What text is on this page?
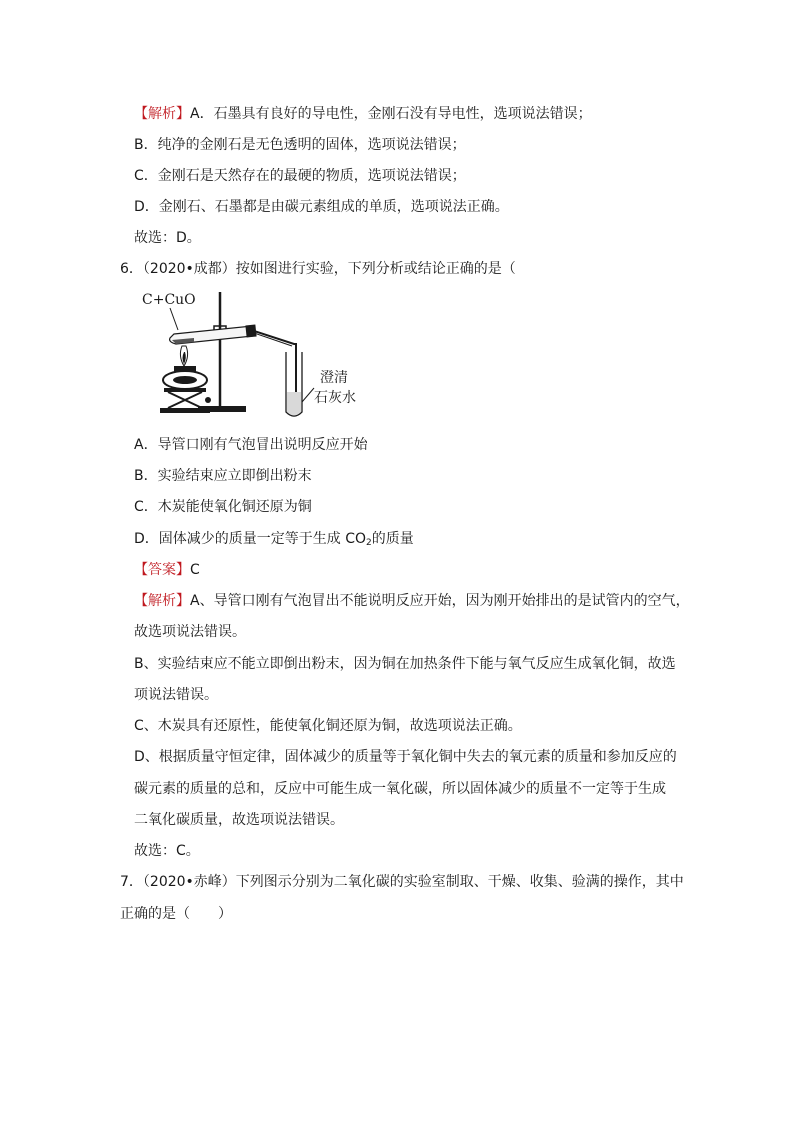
【解析】A．石墨具有良好的导电性，金刚石没有导电性，选项说法错误；
B．纯净的金刚石是无色透明的固体，选项说法错误；
C．金刚石是天然存在的最硬的物质，选项说法错误；
D．金刚石、石墨都是由碳元素组成的单质，选项说法正确。
故选：D。
6．（2020•成都）按如图进行实验，下列分析或结论正确的是（
C+CuO
澄清
石灰水
A．导管口刚有气泡冒出说明反应开始
B．实验结束应立即倒出粉末
C．木炭能使氧化铜还原为铜
D．固体减少的质量一定等于生成 $CO_2$的质量
【答案】C
【解析】A、导管口刚有气泡冒出不能说明反应开始，因为刚开始排出的是试管内的空气，
故选项说法错误。
B、实验结束应不能立即倒出粉末，因为铜在加热条件下能与氧气反应生成氧化铜，故选
项说法错误。
C、木炭具有还原性，能使氧化铜还原为铜，故选项说法正确。
D、根据质量守恒定律，固体减少的质量等于氧化铜中失去的氧元素的质量和参加反应的
碳元素的质量的总和，反应中可能生成一氧化碳，所以固体减少的质量不一定等于生成
二氧化碳质量，故选项说法错误。
故选：C。
7．（2020•赤峰）下列图示分别为二氧化碳的实验室制取、干燥、收集、验满的操作，其中
正确的是（　　）
